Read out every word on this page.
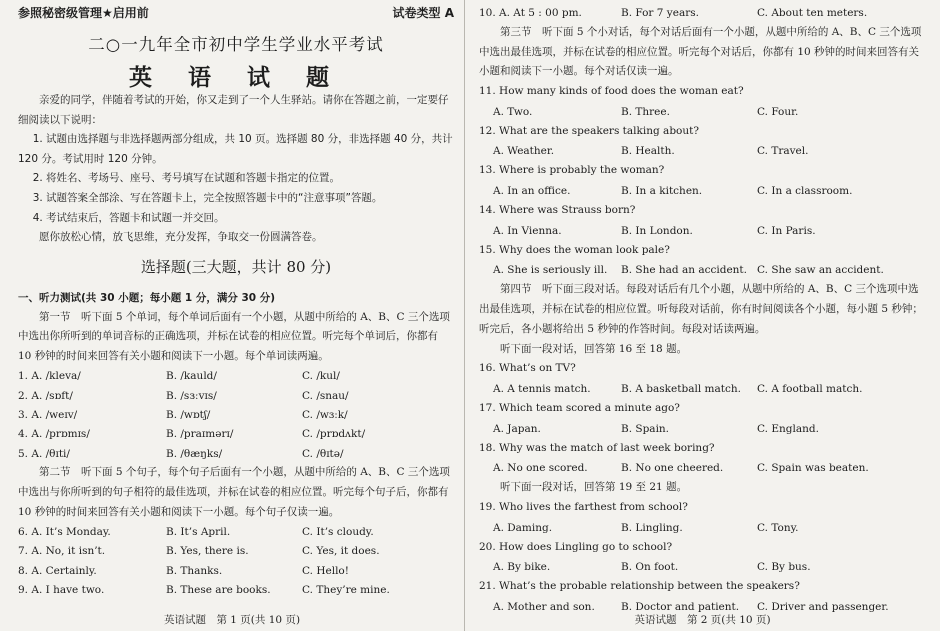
参照秘密级管理★启用前	试卷类型 A
二○一九年全市初中学生学业水平考试
英 语 试 题

亲爱的同学，伴随着考试的开始，你又走到了一个人生驿站。请你在答题之前，一定要仔细阅读以下说明：

1. 试题由选择题与非选择题两部分组成，共 10 页。选择题 80 分，非选择题 40 分，共计

120 分。考试用时 120 分钟。

2. 将姓名、考场号、座号、考号填写在试题和答题卡指定的位置。

3. 试题答案全部涂、写在答题卡上，完全按照答题卡中的“注意事项”答题。

4. 考试结束后，答题卡和试题一并交回。

愿你放松心情，放飞思维，充分发挥，争取交一份圆满答卷。

选择题(三大题，共计 80 分)

一、听力测试(共 30 小题；每小题 1 分，满分 30 分)

第一节　听下面 5 个单词，每个单词后面有一个小题，从题中所给的 A、B、C 三个选项中选出你所听到的单词音标的正确选项，并标在试卷的相应位置。听完每个单词后，你都有 10 秒钟的时间来回答有关小题和阅读下一小题。每个单词读两遍。

1. A. /kleva/	B. /kauld/	C. /kul/
2. A. /sɒft/	B. /sзːvɪs/	C. /snau/
3. A. /weɪv/	B. /wɒtʃ/	C. /wɜːk/
4. A. /prɒmɪs/	B. /praɪmərɪ/	C. /prɒdʌkt/
5. A. /θɪti/	B. /θæŋks/	C. /θɪtə/

第二节　听下面 5 个句子，每个句子后面有一个小题，从题中所给的 A、B、C 三个选项中选出与你所听到的句子相符的最佳选项，并标在试卷的相应位置。听完每个句子后，你都有 10 秒钟的时间来回答有关小题和阅读下一小题。每个句子仅读一遍。

6. A. It’s Monday.	B. It’s April.	C. It’s cloudy.
7. A. No, it isn’t.	B. Yes, there is.	C. Yes, it does.
8. A. Certainly.	B. Thanks.	C. Hello!
9. A. I have two.	B. These are books.	C. They’re mine.
英语试题　第 1 页(共 10 页)
10. A. At 5 : 00 pm.	B. For 7 years.	C. About ten meters.

第三节　听下面 5 个小对话，每个对话后面有一个小题，从题中所给的 A、B、C 三个选项中选出最佳选项，并标在试卷的相应位置。听完每个对话后，你都有 10 秒钟的时间来回答有关小题和阅读下一小题。每个对话仅读一遍。

11. How many kinds of food does the woman eat?
A. Two.	B. Three.	C. Four.
12. What are the speakers talking about?
A. Weather.	B. Health.	C. Travel.
13. Where is probably the woman?
A. In an office.	B. In a kitchen.	C. In a classroom.
14. Where was Strauss born?
A. In Vienna.	B. In London.	C. In Paris.
15. Why does the woman look pale?
A. She is seriously ill.	B. She had an accident. C. She saw an accident.

第四节　听下面三段对话。每段对话后有几个小题，从题中所给的 A、B、C 三个选项中选出最佳选项，并标在试卷的相应位置。听每段对话前，你有时间阅读各个小题，每小题 5 秒钟；听完后，各小题将给出 5 秒钟的作答时间。每段对话读两遍。

听下面一段对话，回答第 16 至 18 题。
16. What’s on TV?
A. A tennis match.	B. A basketball match.	C. A football match.
17. Which team scored a minute ago?
A. Japan.	B. Spain.	C. England.
18. Why was the match of last week boring?
A. No one scored.	B. No one cheered.	C. Spain was beaten.
听下面一段对话，回答第 19 至 21 题。
19. Who lives the farthest from school?
A. Daming.	B. Lingling.	C. Tony.
20. How does Lingling go to school?
A. By bike.	B. On foot.	C. By bus.
21. What’s the probable relationship between the speakers?
A. Mother and son.	B. Doctor and patient.	C. Driver and passenger.
英语试题　第 2 页(共 10 页)
